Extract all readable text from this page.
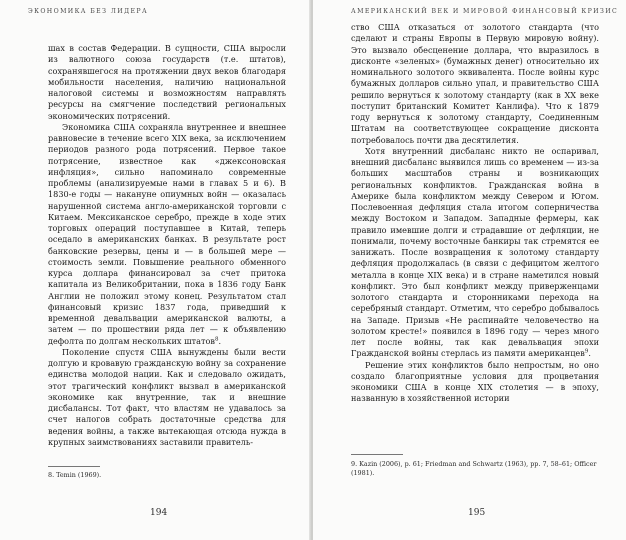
ЭКОНОМИКА БЕЗ ЛИДЕРА

шах в состав Федерации. В сущности, США выросли из валютного союза государств (т.е. штатов), сохранявшегося на протяжении двух веков благодаря мобильности населения, наличию национальной налоговой системы и возможностям направлять ресурсы на смягчение последствий региональных экономических потрясений.

Экономика США сохраняла внутреннее и внешнее равновесие в течение всего XIX века, за исключением периодов разного рода потрясений. Первое такое потрясение, известное как «джексоновская инфляция», сильно напоминало современные проблемы (анализируемые нами в главах 5 и 6). В 1830-е годы — накануне опиумных войн — оказалась нарушенной система англо-американской торговли с Китаем. Мексиканское серебро, прежде в ходе этих торговых операций поступавшее в Китай, теперь оседало в американских банках. В результате рост банковские резервы, цены и — в большей мере — стоимость земли. Повышение реального обменного курса доллара финансировал за счет притока капитала из Великобритании, пока в 1836 году Банк Англии не положил этому конец. Результатом стал финансовый кризис 1837 года, приведший к временной девальвации американской валюты, а затем — по прошествии ряда лет — к объявлению дефолта по долгам нескольких штатов$^8$.

Поколение спустя США вынуждены были вести долгую и кровавую гражданскую войну за сохранение единства молодой нации. Как и следовало ожидать, этот трагический конфликт вызвал в американской экономике как внутренние, так и внешние дисбалансы. Тот факт, что властям не удавалось за счет налогов собрать достаточные средства для ведения войны, а также вытекающая отсюда нужда в крупных заимствованиях заставили правитель-

8. Temin (1969).
194
АМЕРИКАНСКИЙ ВЕК И МИРОВОЙ ФИНАНСОВЫЙ КРИЗИС

ство США отказаться от золотого стандарта (что сделают и страны Европы в Первую мировую войну). Это вызвало обесценение доллара, что выразилось в дисконте «зеленых» (бумажных денег) относительно их номинального золотого эквивалента. После войны курс бумажных долларов сильно упал, и правительство США решило вернуться к золотому стандарту (как в XX веке поступит британский Комитет Канлифа). Что к 1879 году вернуться к золотому стандарту, Соединенным Штатам на соответствующее сокращение дисконта потребовалось почти два десятилетия.

Хотя внутренний дисбаланс никто не оспаривал, внешний дисбаланс выявился лишь со временем — из-за больших масштабов страны и возникающих региональных конфликтов. Гражданская война в Америке была конфликтом между Севером и Югом. Послевоенная дефляция стала итогом соперничества между Востоком и Западом. Западные фермеры, как правило имевшие долги и страдавшие от дефляции, не понимали, почему восточные банкиры так стремятся ее занижать. После возвращения к золотому стандарту дефляция продолжалась (в связи с дефицитом желтого металла в конце XIX века) и в стране наметился новый конфликт. Это был конфликт между приверженцами золотого стандарта и сторонниками перехода на серебряный стандарт. Отметим, что серебро добывалось на Западе. Призыв «Не распинайте человечество на золотом кресте!» появился в 1896 году — через много лет после войны, так как девальвация эпохи Гражданской войны стерлась из памяти американцев$^9$.

Решение этих конфликтов было непростым, но оно создало благоприятные условия для процветания экономики США в конце XIX столетия — в эпоху, названную в хозяйственной истории

9. Kazin (2006), p. 61; Friedman and Schwartz (1963), pp. 7, 58–61; Officer (1981).
195
